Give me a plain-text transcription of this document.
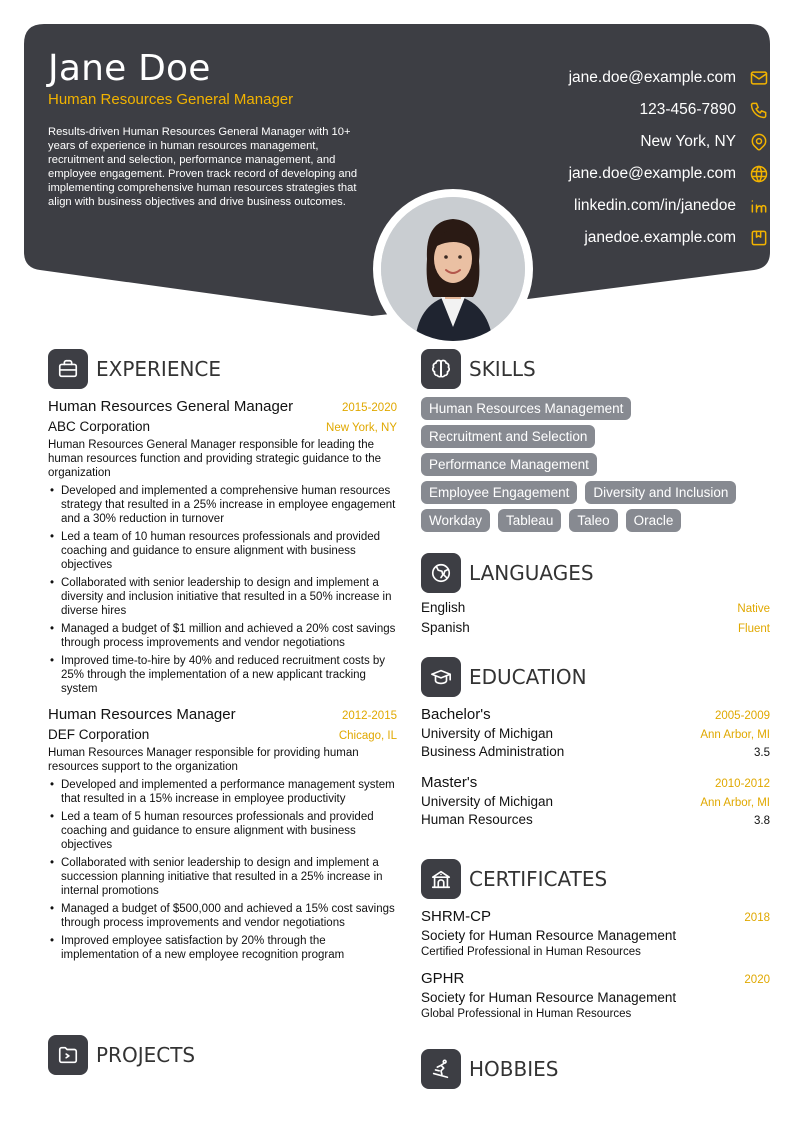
Jane Doe
Human Resources General Manager

Results-driven Human Resources General Manager with 10+ years of experience in human resources management, recruitment and selection, performance management, and employee engagement. Proven track record of developing and implementing comprehensive human resources strategies that align with business objectives and drive business outcomes.

jane.doe@example.com
123-456-7890
New York, NY
jane.doe@example.com
linkedin.com/in/janedoe
janedoe.example.com
EXPERIENCE
Human Resources General Manager	2015-2020
ABC Corporation	New York, NY

Human Resources General Manager responsible for leading the human resources function and providing strategic guidance to the organization

• Developed and implemented a comprehensive human resources strategy that resulted in a 25% increase in employee engagement and a 30% reduction in turnover
• Led a team of 10 human resources professionals and provided coaching and guidance to ensure alignment with business objectives
• Collaborated with senior leadership to design and implement a diversity and inclusion initiative that resulted in a 50% increase in diverse hires
• Managed a budget of $1 million and achieved a 20% cost savings through process improvements and vendor negotiations
• Improved time-to-hire by 40% and reduced recruitment costs by 25% through the implementation of a new applicant tracking system
Human Resources Manager	2012-2015
DEF Corporation	Chicago, IL

Human Resources Manager responsible for providing human resources support to the organization

• Developed and implemented a performance management system that resulted in a 15% increase in employee productivity
• Led a team of 5 human resources professionals and provided coaching and guidance to ensure alignment with business objectives
• Collaborated with senior leadership to design and implement a succession planning initiative that resulted in a 25% increase in internal promotions
• Managed a budget of $500,000 and achieved a 15% cost savings through process improvements and vendor negotiations
• Improved employee satisfaction by 20% through the implementation of a new employee recognition program
PROJECTS
SKILLS
Human Resources Management
Recruitment and Selection
Performance Management
Employee Engagement	Diversity and Inclusion
Workday	Tableau	Taleo	Oracle
LANGUAGES
English	Native
Spanish	Fluent
EDUCATION
Bachelor's	2005-2009
University of Michigan	Ann Arbor, MI
Business Administration	3.5
Master's	2010-2012
University of Michigan	Ann Arbor, MI
Human Resources	3.8
CERTIFICATES
SHRM-CP	2018
Society for Human Resource Management
Certified Professional in Human Resources
GPHR	2020
Society for Human Resource Management
Global Professional in Human Resources
HOBBIES
